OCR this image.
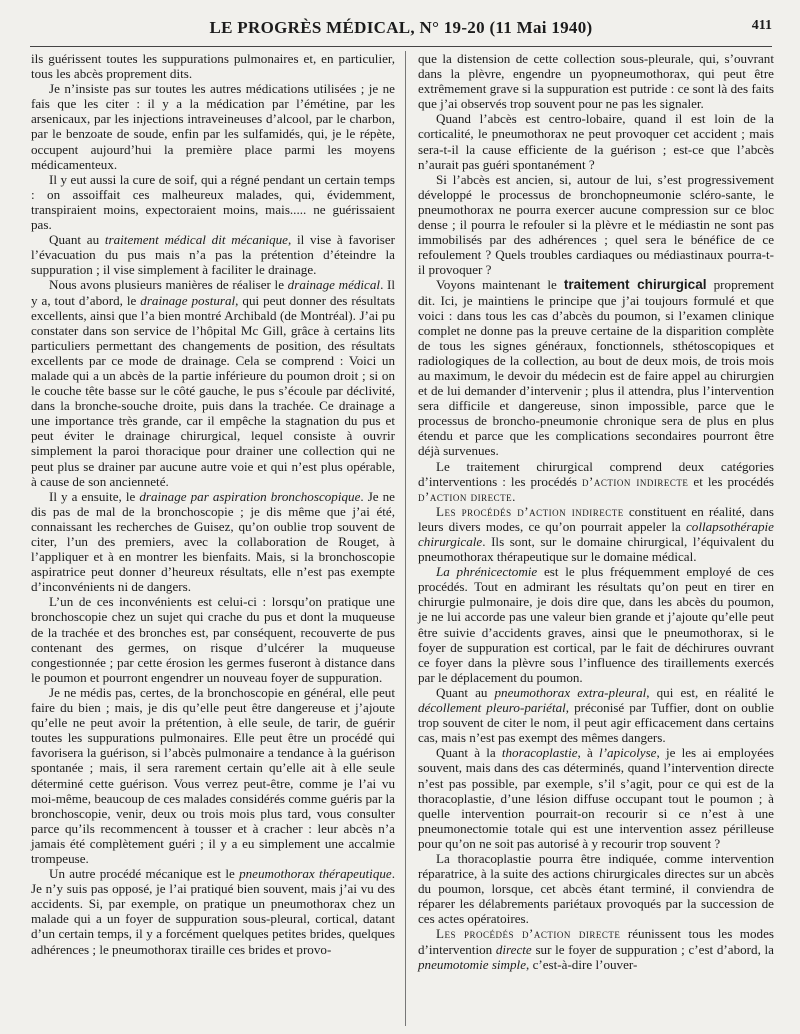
LE PROGRÈS MÉDICAL, N° 19-20 (11 Mai 1940)	411

ils guérissent toutes les suppurations pulmonaires et, en particulier, tous les abcès proprement dits.

Je n’insiste pas sur toutes les autres médications utilisées ; je ne fais que les citer : il y a la médication par l’émétine, par les arsenicaux, par les injections intraveineuses d’alcool, par le charbon, par le benzoate de soude, enfin par les sulfamidés, qui, je le répète, occupent aujourd’hui la première place parmi les moyens médicamenteux.

Il y eut aussi la cure de soif, qui a régné pendant un certain temps : on assoiffait ces malheureux malades, qui, évidemment, transpiraient moins, expectoraient moins, mais..... ne guérissaient pas.

Quant au traitement médical dit mécanique, il vise à favoriser l’évacuation du pus mais n’a pas la prétention d’éteindre la suppuration ; il vise simplement à faciliter le drainage.

Nous avons plusieurs manières de réaliser le drainage médical. Il y a, tout d’abord, le drainage postural, qui peut donner des résultats excellents, ainsi que l’a bien montré Archibald (de Montréal). J’ai pu constater dans son service de l’hôpital Mc Gill, grâce à certains lits particuliers permettant des changements de position, des résultats excellents par ce mode de drainage. Cela se comprend : Voici un malade qui a un abcès de la partie inférieure du poumon droit ; si on le couche tête basse sur le côté gauche, le pus s’écoule par déclivité, dans la bronche-souche droite, puis dans la trachée. Ce drainage a une importance très grande, car il empêche la stagnation du pus et peut éviter le drainage chirurgical, lequel consiste à ouvrir simplement la paroi thoracique pour drainer une collection qui ne peut plus se drainer par aucune autre voie et qui n’est plus opérable, à cause de son ancienneté.

Il y a ensuite, le drainage par aspiration bronchoscopique. Je ne dis pas de mal de la bronchoscopie ; je dis même que j’ai été, connaissant les recherches de Guisez, qu’on oublie trop souvent de citer, l’un des premiers, avec la collaboration de Rouget, à l’appliquer et à en montrer les bienfaits. Mais, si la bronchoscopie aspiratrice peut donner d’heureux résultats, elle n’est pas exempte d’inconvénients ni de dangers.

L’un de ces inconvénients est celui-ci : lorsqu’on pratique une bronchoscopie chez un sujet qui crache du pus et dont la muqueuse de la trachée et des bronches est, par conséquent, recouverte de pus contenant des germes, on risque d’ulcérer la muqueuse congestionnée ; par cette érosion les germes fuseront à distance dans le poumon et pourront engendrer un nouveau foyer de suppuration.

Je ne médis pas, certes, de la bronchoscopie en général, elle peut faire du bien ; mais, je dis qu’elle peut être dangereuse et j’ajoute qu’elle ne peut avoir la prétention, à elle seule, de tarir, de guérir toutes les suppurations pulmonaires. Elle peut être un procédé qui favorisera la guérison, si l’abcès pulmonaire a tendance à la guérison spontanée ; mais, il sera rarement certain qu’elle ait à elle seule déterminé cette guérison. Vous verrez peut-être, comme je l’ai vu moi-même, beaucoup de ces malades considérés comme guéris par la bronchoscopie, venir, deux ou trois mois plus tard, vous consulter parce qu’ils recommencent à tousser et à cracher : leur abcès n’a jamais été complètement guéri ; il y a eu simplement une accalmie trompeuse.

Un autre procédé mécanique est le pneumothorax thérapeutique. Je n’y suis pas opposé, je l’ai pratiqué bien souvent, mais j’ai vu des accidents. Si, par exemple, on pratique un pneumothorax chez un malade qui a un foyer de suppuration sous-pleural, cortical, datant d’un certain temps, il y a forcément quelques petites brides, quelques adhérences ; le pneumothorax tiraille ces brides et provo-

que la distension de cette collection sous-pleurale, qui, s’ouvrant dans la plèvre, engendre un pyopneumothorax, qui peut être extrêmement grave si la suppuration est putride : ce sont là des faits que j’ai observés trop souvent pour ne pas les signaler.

Quand l’abcès est centro-lobaire, quand il est loin de la corticalité, le pneumothorax ne peut provoquer cet accident ; mais sera-t-il la cause efficiente de la guérison ; est-ce que l’abcès n’aurait pas guéri spontanément ?

Si l’abcès est ancien, si, autour de lui, s’est progressivement développé le processus de bronchopneumonie scléro-sante, le pneumothorax ne pourra exercer aucune compression sur ce bloc dense ; il pourra le refouler si la plèvre et le médiastin ne sont pas immobilisés par des adhérences ; quel sera le bénéfice de ce refoulement ? Quels troubles cardiaques ou médiastinaux pourra-t-il provoquer ?

Voyons maintenant le traitement chirurgical proprement dit. Ici, je maintiens le principe que j’ai toujours formulé et que voici : dans tous les cas d’abcès du poumon, si l’examen clinique complet ne donne pas la preuve certaine de la disparition complète de tous les signes généraux, fonctionnels, sthétoscopiques et radiologiques de la collection, au bout de deux mois, de trois mois au maximum, le devoir du médecin est de faire appel au chirurgien et de lui demander d’intervenir ; plus il attendra, plus l’intervention sera difficile et dangereuse, sinon impossible, parce que le processus de broncho-pneumonie chronique sera de plus en plus étendu et parce que les complications secondaires pourront être déjà survenues.

Le traitement chirurgical comprend deux catégories d’interventions : les procédés d’action indirecte et les procédés d’action directe.

Les procédés d’action indirecte constituent en réalité, dans leurs divers modes, ce qu’on pourrait appeler la collapsothérapie chirurgicale. Ils sont, sur le domaine chirurgical, l’équivalent du pneumothorax thérapeutique sur le domaine médical.

La phrénicectomie est le plus fréquemment employé de ces procédés. Tout en admirant les résultats qu’on peut en tirer en chirurgie pulmonaire, je dois dire que, dans les abcès du poumon, je ne lui accorde pas une valeur bien grande et j’ajoute qu’elle peut être suivie d’accidents graves, ainsi que le pneumothorax, si le foyer de suppuration est cortical, par le fait de déchirures ouvrant ce foyer dans la plèvre sous l’influence des tiraillements exercés par le déplacement du poumon.

Quant au pneumothorax extra-pleural, qui est, en réalité le décollement pleuro-pariétal, préconisé par Tuffier, dont on oublie trop souvent de citer le nom, il peut agir efficacement dans certains cas, mais n’est pas exempt des mêmes dangers.

Quant à la thoracoplastie, à l’apicolyse, je les ai employées souvent, mais dans des cas déterminés, quand l’intervention directe n’est pas possible, par exemple, s’il s’agit, pour ce qui est de la thoracoplastie, d’une lésion diffuse occupant tout le poumon ; à quelle intervention pourrait-on recourir si ce n’est à une pneumonectomie totale qui est une intervention assez périlleuse pour qu’on ne soit pas autorisé à y recourir trop souvent ?

La thoracoplastie pourra être indiquée, comme intervention réparatrice, à la suite des actions chirurgicales directes sur un abcès du poumon, lorsque, cet abcès étant terminé, il conviendra de réparer les délabrements pariétaux provoqués par la succession de ces actes opératoires.

Les procédés d’action directe réunissent tous les modes d’intervention directe sur le foyer de suppuration ; c’est d’abord, la pneumotomie simple, c’est-à-dire l’ouver-
